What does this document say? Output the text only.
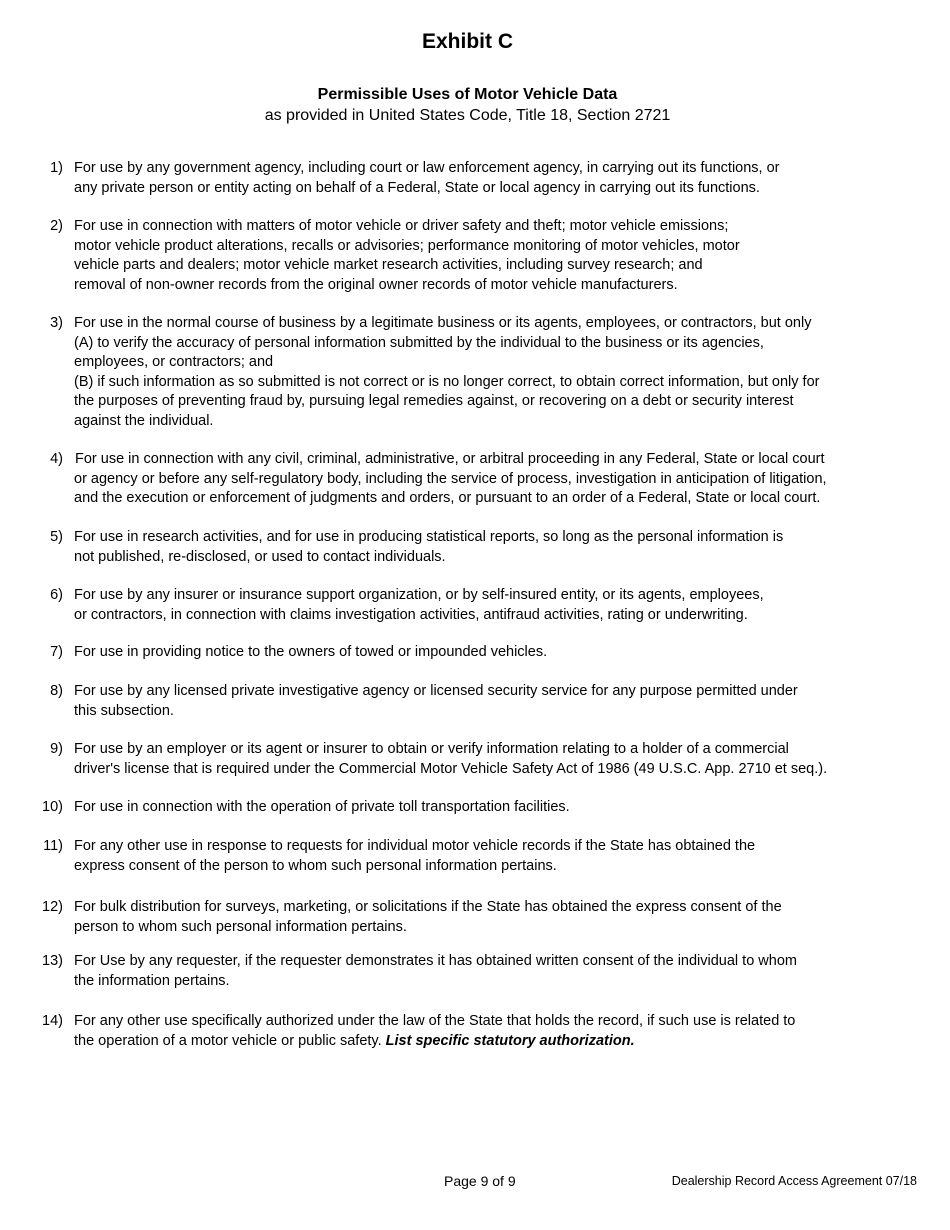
Exhibit C
Permissible Uses of Motor Vehicle Data
as provided in United States Code, Title 18, Section 2721
1) For use by any government agency, including court or law enforcement agency, in carrying out its functions, or
any private person or entity acting on behalf of a Federal, State or local agency in carrying out its functions.
2) For use in connection with matters of motor vehicle or driver safety and theft; motor vehicle emissions;
motor vehicle product alterations, recalls or advisories; performance monitoring of motor vehicles, motor
vehicle parts and dealers; motor vehicle market research activities, including survey research; and
removal of non-owner records from the original owner records of motor vehicle manufacturers.
3) For use in the normal course of business by a legitimate business or its agents, employees, or contractors, but only
(A) to verify the accuracy of personal information submitted by the individual to the business or its agencies,
employees, or contractors; and
(B) if such information as so submitted is not correct or is no longer correct, to obtain correct information, but only for
the purposes of preventing fraud by, pursuing legal remedies against, or recovering on a debt or security interest
against the individual.
4) For use in connection with any civil, criminal, administrative, or arbitral proceeding in any Federal, State or local court
or agency or before any self-regulatory body, including the service of process, investigation in anticipation of litigation,
and the execution or enforcement of judgments and orders, or pursuant to an order of a Federal, State or local court.
5) For use in research activities, and for use in producing statistical reports, so long as the personal information is
not published, re-disclosed, or used to contact individuals.
6) For use by any insurer or insurance support organization, or by self-insured entity, or its agents, employees,
or contractors, in connection with claims investigation activities, antifraud activities, rating or underwriting.
7) For use in providing notice to the owners of towed or impounded vehicles.
8) For use by any licensed private investigative agency or licensed security service for any purpose permitted under
this subsection.
9) For use by an employer or its agent or insurer to obtain or verify information relating to a holder of a commercial
driver's license that is required under the Commercial Motor Vehicle Safety Act of 1986 (49 U.S.C. App. 2710 et seq.).
10) For use in connection with the operation of private toll transportation facilities.
11) For any other use in response to requests for individual motor vehicle records if the State has obtained the
express consent of the person to whom such personal information pertains.
12) For bulk distribution for surveys, marketing, or solicitations if the State has obtained the express consent of the
person to whom such personal information pertains.
13) For Use by any requester, if the requester demonstrates it has obtained written consent of the individual to whom
the information pertains.
14) For any other use specifically authorized under the law of the State that holds the record, if such use is related to
the operation of a motor vehicle or public safety. List specific statutory authorization.
Page 9 of 9	Dealership Record Access Agreement 07/18
